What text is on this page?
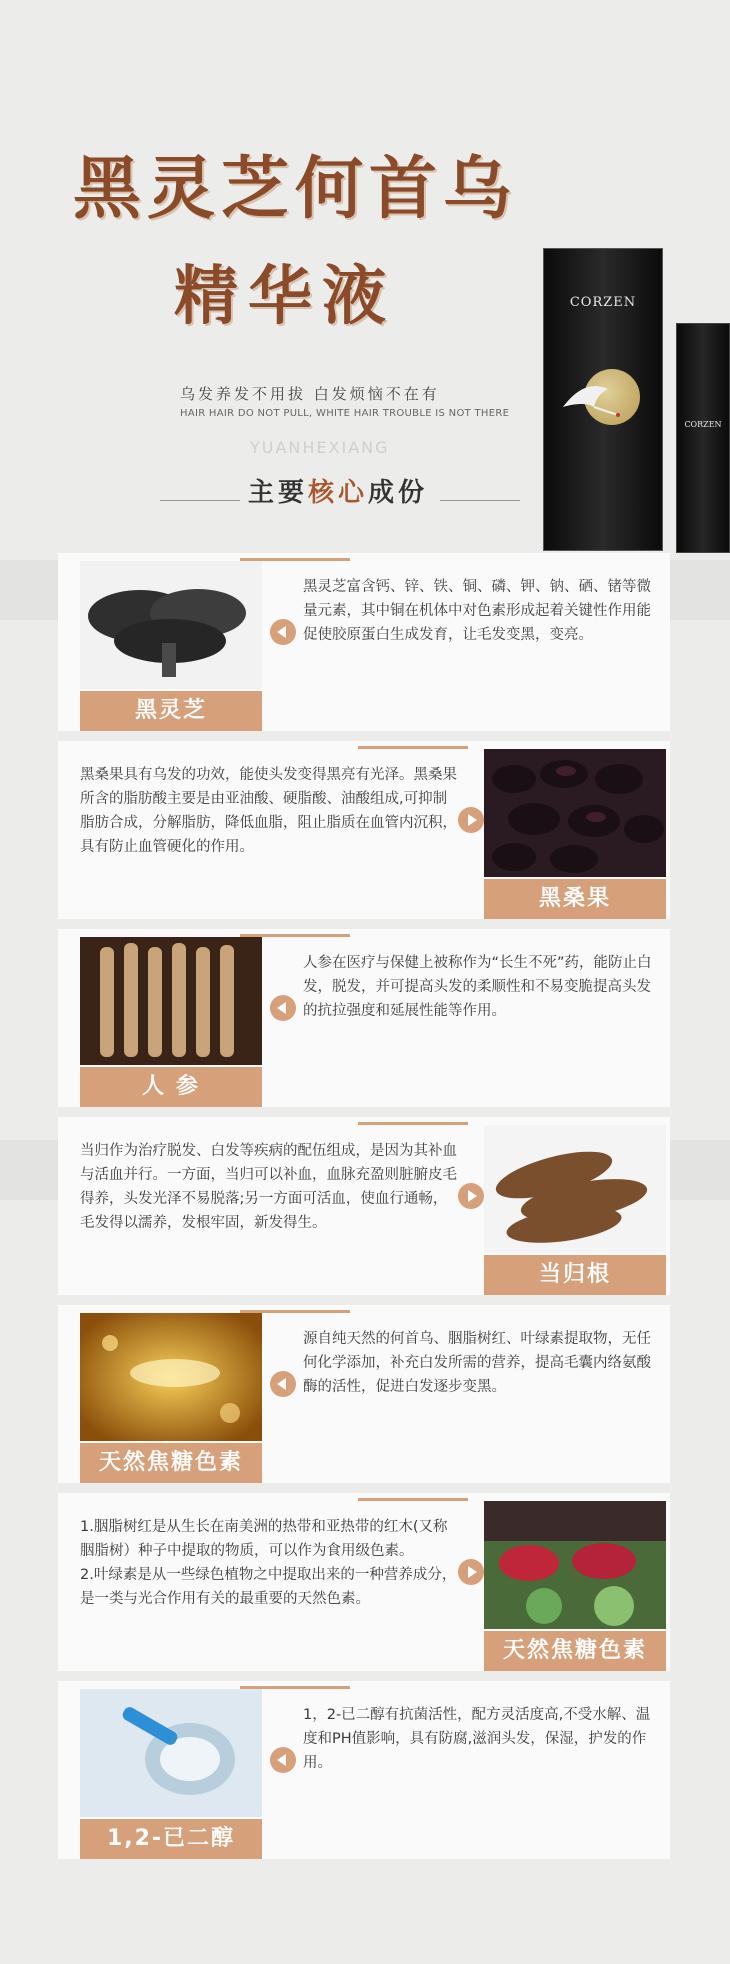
黑灵芝何首乌
精华液
乌发养发不用拔 白发烦恼不在有
HAIR HAIR DO NOT PULL, WHITE HAIR TROUBLE IS NOT THERE
YUANHEXIANG
主要核心成份
CORZEN
CORZEN
黑灵芝
黑灵芝富含钙、锌、铁、铜、磷、钾、钠、硒、锗等微量元素，其中铜在机体中对色素形成起着关键性作用能促使胶原蛋白生成发育，让毛发变黑，变亮。
黑桑果具有乌发的功效，能使头发变得黑亮有光泽。黑桑果所含的脂肪酸主要是由亚油酸、硬脂酸、油酸组成,可抑制脂肪合成，分解脂肪，降低血脂，阻止脂质在血管内沉积，具有防止血管硬化的作用。
黑桑果
人 参
人参在医疗与保健上被称作为“长生不死”药，能防止白发，脱发，并可提高头发的柔顺性和不易变脆提高头发的抗拉强度和延展性能等作用。
当归作为治疗脱发、白发等疾病的配伍组成，是因为其补血与活血并行。一方面，当归可以补血，血脉充盈则脏腑皮毛得养，头发光泽不易脱落;另一方面可活血，使血行通畅，毛发得以濡养，发根牢固，新发得生。
当归根
天然焦糖色素
源自纯天然的何首乌、胭脂树红、叶绿素提取物，无任何化学添加，补充白发所需的营养，提高毛囊内络氨酸酶的活性，促进白发逐步变黑。
1.胭脂树红是从生长在南美洲的热带和亚热带的红木(又称胭脂树）种子中提取的物质，可以作为食用级色素。
2.叶绿素是从一些绿色植物之中提取出来的一种营养成分，是一类与光合作用有关的最重要的天然色素。
天然焦糖色素
1,2-已二醇
1，2-已二醇有抗菌活性，配方灵活度高,不受水解、温度和PH值影响，具有防腐,滋润头发，保湿，护发的作用。
